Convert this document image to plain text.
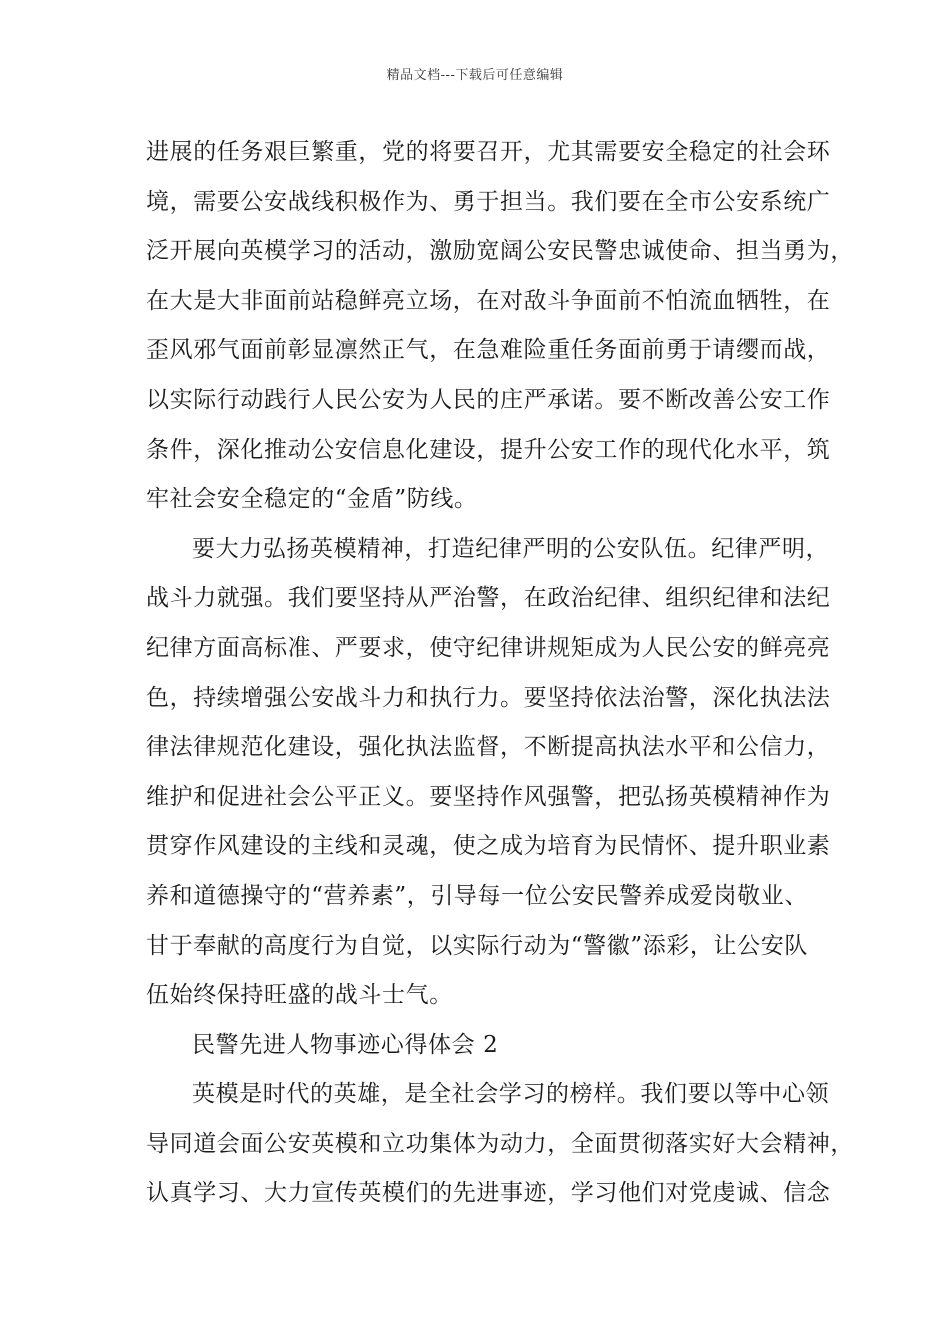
精品文档---下载后可任意编辑
进展的任务艰巨繁重，党的将要召开，尤其需要安全稳定的社会环
境，需要公安战线积极作为、勇于担当。我们要在全市公安系统广
泛开展向英模学习的活动，激励宽阔公安民警忠诚使命、担当勇为，
在大是大非面前站稳鲜亮立场，在对敌斗争面前不怕流血牺牲，在
歪风邪气面前彰显凛然正气，在急难险重任务面前勇于请缨而战，
以实际行动践行人民公安为人民的庄严承诺。要不断改善公安工作
条件，深化推动公安信息化建设，提升公安工作的现代化水平，筑
牢社会安全稳定的“金盾”防线。
要大力弘扬英模精神，打造纪律严明的公安队伍。纪律严明，
战斗力就强。我们要坚持从严治警，在政治纪律、组织纪律和法纪
纪律方面高标准、严要求，使守纪律讲规矩成为人民公安的鲜亮亮
色，持续增强公安战斗力和执行力。要坚持依法治警，深化执法法
律法律规范化建设，强化执法监督，不断提高执法水平和公信力，
维护和促进社会公平正义。要坚持作风强警，把弘扬英模精神作为
贯穿作风建设的主线和灵魂，使之成为培育为民情怀、提升职业素
养和道德操守的“营养素”，引导每一位公安民警养成爱岗敬业、
甘于奉献的高度行为自觉，以实际行动为“警徽”添彩，让公安队
伍始终保持旺盛的战斗士气。
民警先进人物事迹心得体会 2
英模是时代的英雄，是全社会学习的榜样。我们要以等中心领
导同道会面公安英模和立功集体为动力，全面贯彻落实好大会精神，
认真学习、大力宣传英模们的先进事迹，学习他们对党虔诚、信念
